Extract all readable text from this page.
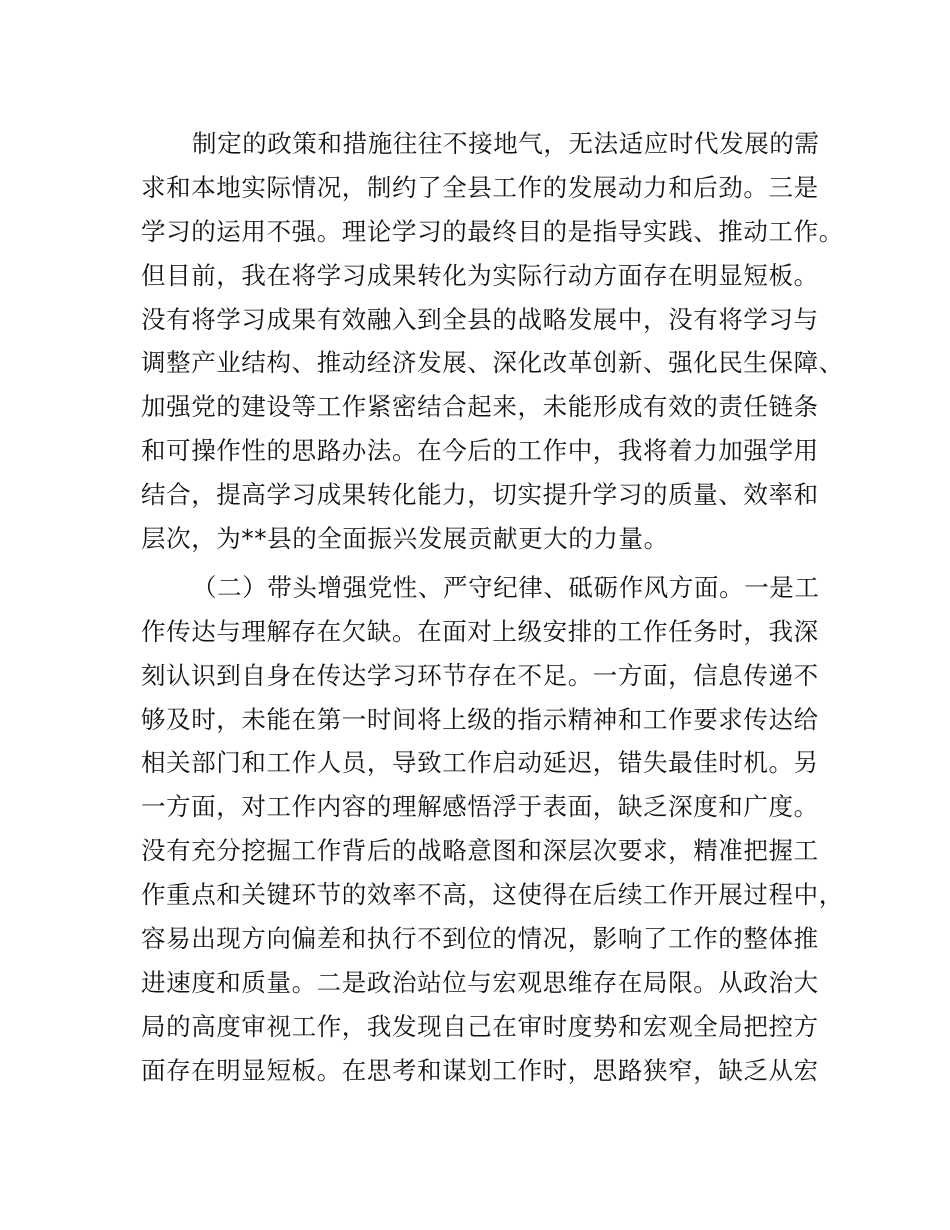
制定的政策和措施往往不接地气，无法适应时代发展的需
求和本地实际情况，制约了全县工作的发展动力和后劲。三是
学习的运用不强。理论学习的最终目的是指导实践、推动工作。
但目前，我在将学习成果转化为实际行动方面存在明显短板。
没有将学习成果有效融入到全县的战略发展中，没有将学习与
调整产业结构、推动经济发展、深化改革创新、强化民生保障、
加强党的建设等工作紧密结合起来，未能形成有效的责任链条
和可操作性的思路办法。在今后的工作中，我将着力加强学用
结合，提高学习成果转化能力，切实提升学习的质量、效率和
层次，为**县的全面振兴发展贡献更大的力量。
（二）带头增强党性、严守纪律、砥砺作风方面。一是工
作传达与理解存在欠缺。在面对上级安排的工作任务时，我深
刻认识到自身在传达学习环节存在不足。一方面，信息传递不
够及时，未能在第一时间将上级的指示精神和工作要求传达给
相关部门和工作人员，导致工作启动延迟，错失最佳时机。另
一方面，对工作内容的理解感悟浮于表面，缺乏深度和广度。
没有充分挖掘工作背后的战略意图和深层次要求，精准把握工
作重点和关键环节的效率不高，这使得在后续工作开展过程中，
容易出现方向偏差和执行不到位的情况，影响了工作的整体推
进速度和质量。二是政治站位与宏观思维存在局限。从政治大
局的高度审视工作，我发现自己在审时度势和宏观全局把控方
面存在明显短板。在思考和谋划工作时，思路狭窄，缺乏从宏
